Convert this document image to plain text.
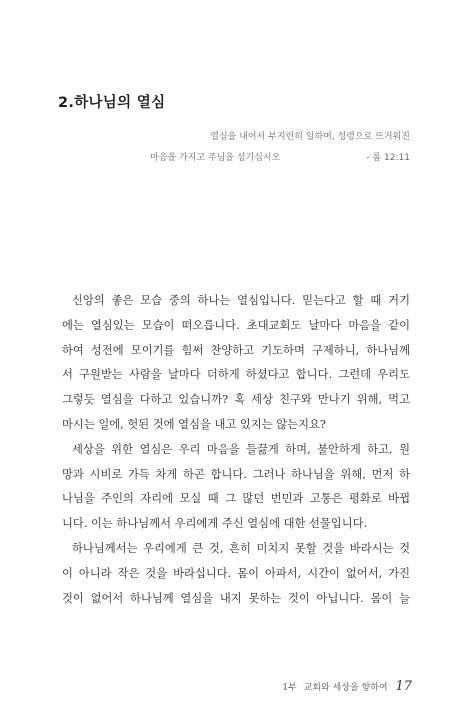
2.하나님의 열심
열심을 내어서 부지런히 일하며, 성령으로 뜨거워진
마음을 가지고 주님을 섬기십시오	- 롬 12:11
신앙의 좋은 모습 중의 하나는 열심입니다. 믿는다고 할 때 거기
에는 열심있는 모습이 떠오릅니다. 초대교회도 날마다 마음을 같이
하여 성전에 모이기를 힘써 찬양하고 기도하며 구제하니, 하나님께
서 구원받는 사람을 날마다 더하게 하셨다고 합니다. 그런데 우리도
그렇듯 열심을 다하고 있습니까? 혹 세상 친구와 만나기 위해, 먹고
마시는 일에, 헛된 것에 열심을 내고 있지는 않는지요?
세상을 위한 열심은 우리 마음을 들끓게 하며, 불안하게 하고, 원
망과 시비로 가득 차게 하곤 합니다. 그러나 하나님을 위해, 먼저 하
나님을 주인의 자리에 모실 때 그 많던 번민과 고통은 평화로 바뀝
니다. 이는 하나님께서 우리에게 주신 열심에 대한 선물입니다.
하나님께서는 우리에게 큰 것, 흔히 미치지 못할 것을 바라시는 것
이 아니라 작은 것을 바라십니다. 몸이 아파서, 시간이 없어서, 가진
것이 없어서 하나님께 열심을 내지 못하는 것이 아닙니다. 몸이 늘
1부 교회와 세상을 향하여 17
